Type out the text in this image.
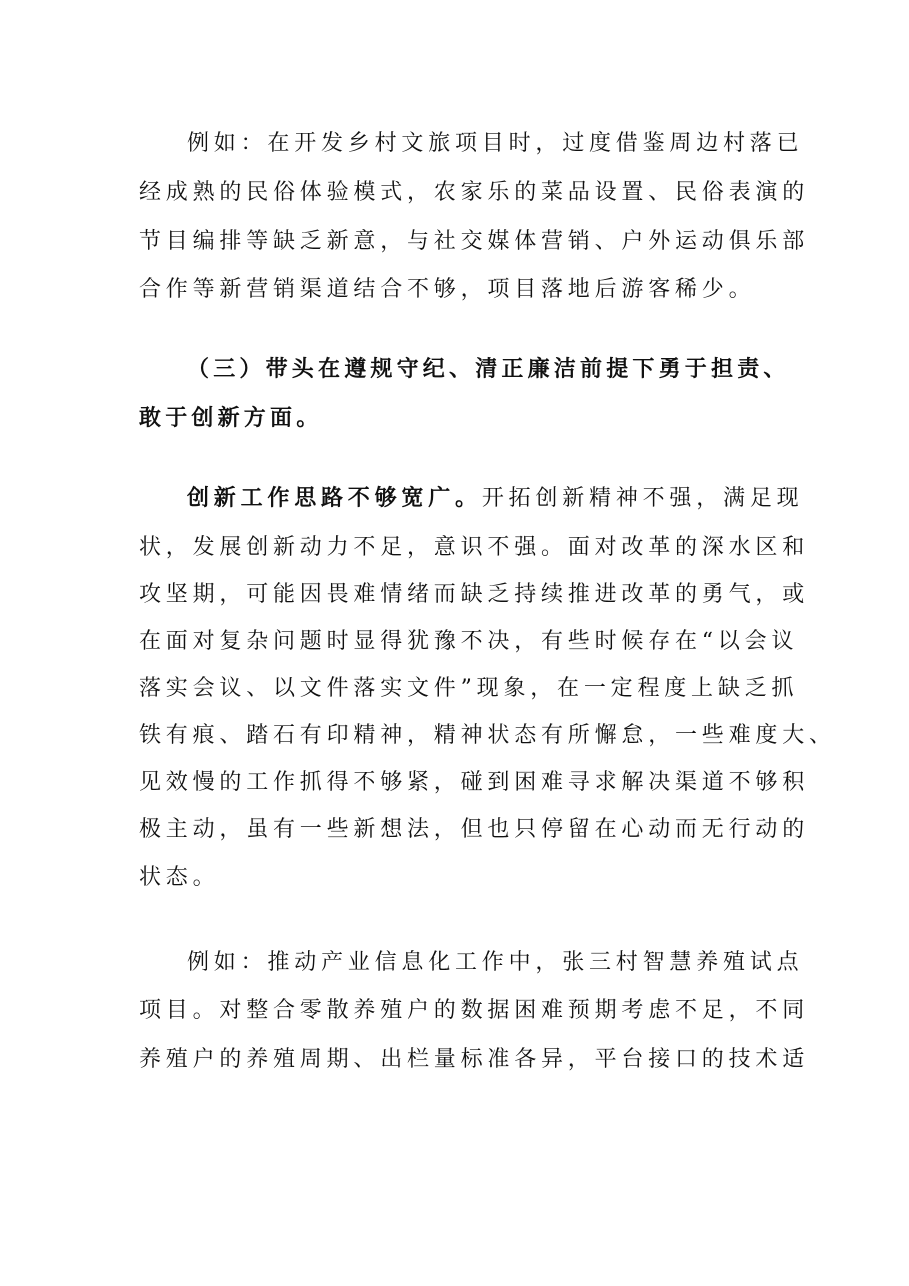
例如：在开发乡村文旅项目时，过度借鉴周边村落已
经成熟的民俗体验模式，农家乐的菜品设置、民俗表演的
节目编排等缺乏新意，与社交媒体营销、户外运动俱乐部
合作等新营销渠道结合不够，项目落地后游客稀少。
（三）带头在遵规守纪、清正廉洁前提下勇于担责、
敢于创新方面。
创新工作思路不够宽广。开拓创新精神不强，满足现
状，发展创新动力不足，意识不强。面对改革的深水区和
攻坚期，可能因畏难情绪而缺乏持续推进改革的勇气，或
在面对复杂问题时显得犹豫不决，有些时候存在“以会议
落实会议、以文件落实文件”现象，在一定程度上缺乏抓
铁有痕、踏石有印精神，精神状态有所懈怠，一些难度大、
见效慢的工作抓得不够紧，碰到困难寻求解决渠道不够积
极主动，虽有一些新想法，但也只停留在心动而无行动的
状态。
例如：推动产业信息化工作中，张三村智慧养殖试点
项目。对整合零散养殖户的数据困难预期考虑不足，不同
养殖户的养殖周期、出栏量标准各异，平台接口的技术适
